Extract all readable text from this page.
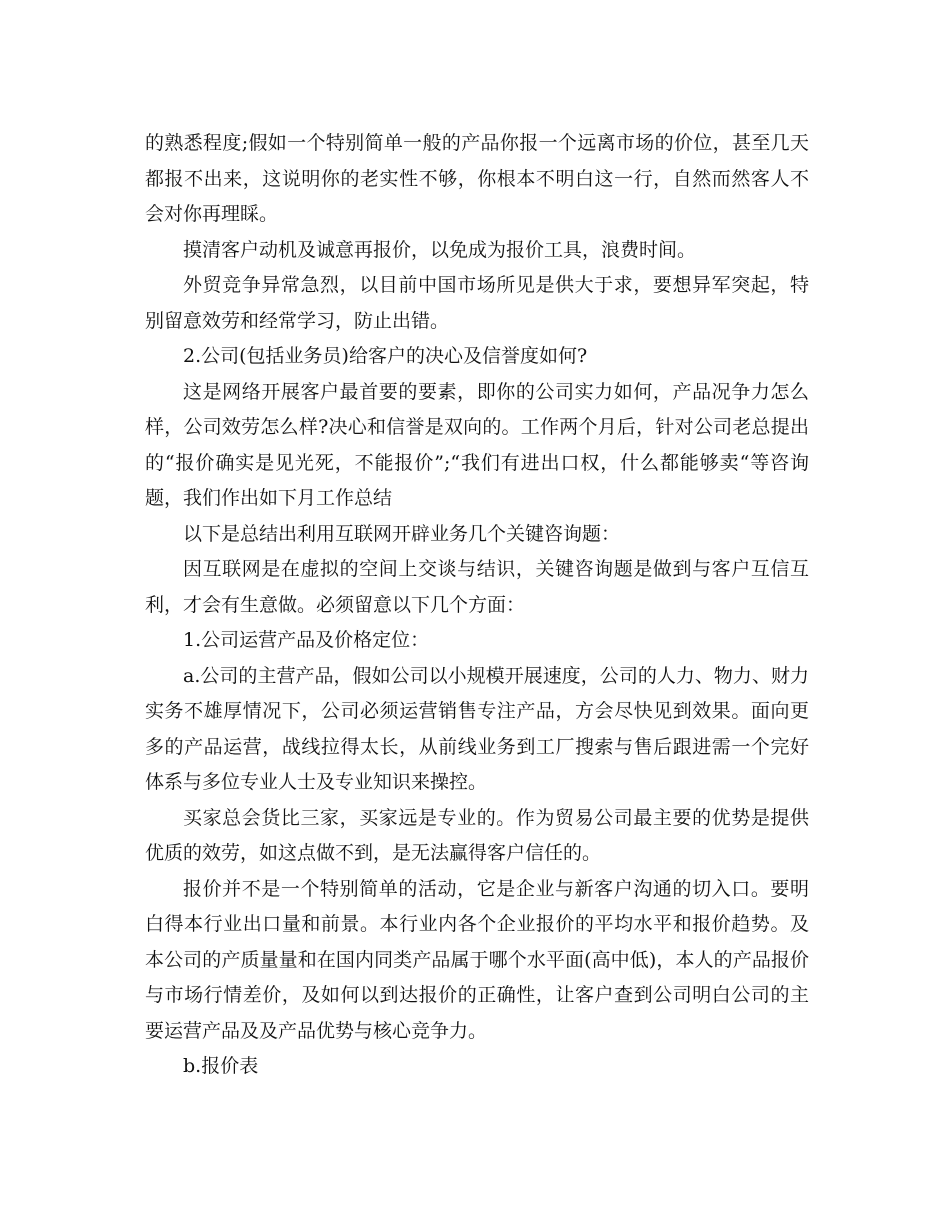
的熟悉程度;假如一个特别简单一般的产品你报一个远离市场的价位，甚至几天都报不出来，这说明你的老实性不够，你根本不明白这一行，自然而然客人不会对你再理睬。

摸清客户动机及诚意再报价，以免成为报价工具，浪费时间。

外贸竞争异常急烈，以目前中国市场所见是供大于求，要想异军突起，特别留意效劳和经常学习，防止出错。

2.公司(包括业务员)给客户的决心及信誉度如何?

这是网络开展客户最首要的要素，即你的公司实力如何，产品况争力怎么样，公司效劳怎么样?决心和信誉是双向的。工作两个月后，针对公司老总提出的“报价确实是见光死，不能报价”;“我们有进出口权，什么都能够卖“等咨询题，我们作出如下月工作总结

以下是总结出利用互联网开辟业务几个关键咨询题：

因互联网是在虚拟的空间上交谈与结识，关键咨询题是做到与客户互信互利，才会有生意做。必须留意以下几个方面：

1.公司运营产品及价格定位：

a.公司的主营产品，假如公司以小规模开展速度，公司的人力、物力、财力实务不雄厚情况下，公司必须运营销售专注产品，方会尽快见到效果。面向更多的产品运营，战线拉得太长，从前线业务到工厂搜索与售后跟进需一个完好体系与多位专业人士及专业知识来操控。

买家总会货比三家，买家远是专业的。作为贸易公司最主要的优势是提供优质的效劳，如这点做不到，是无法赢得客户信任的。

报价并不是一个特别简单的活动，它是企业与新客户沟通的切入口。要明白得本行业出口量和前景。本行业内各个企业报价的平均水平和报价趋势。及本公司的产质量量和在国内同类产品属于哪个水平面(高中低)，本人的产品报价与市场行情差价，及如何以到达报价的正确性，让客户查到公司明白公司的主要运营产品及及产品优势与核心竞争力。

b.报价表
